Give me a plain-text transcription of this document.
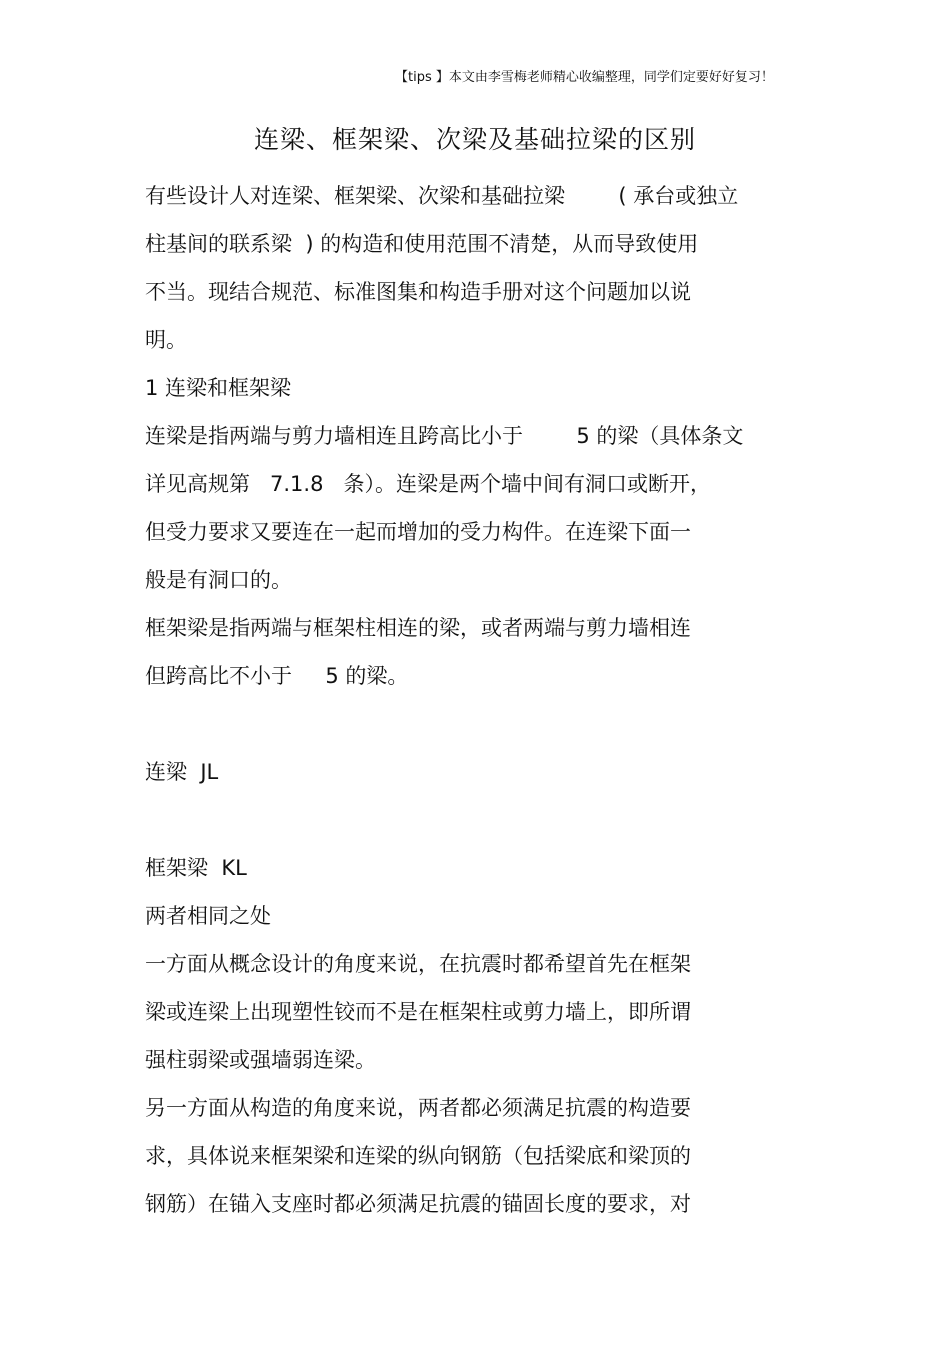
【tips 】本文由李雪梅老师精心收编整理，同学们定要好好复习！
连梁、框架梁、次梁及基础拉梁的区别

有些设计人对连梁、框架梁、次梁和基础拉梁        ( 承台或独立

柱基间的联系梁  ) 的构造和使用范围不清楚，从而导致使用

不当。现结合规范、标准图集和构造手册对这个问题加以说

明。

1 连梁和框架梁

连梁是指两端与剪力墙相连且跨高比小于        5 的梁（具体条文

详见高规第   7.1.8   条）。连梁是两个墙中间有洞口或断开，

但受力要求又要连在一起而增加的受力构件。在连梁下面一

般是有洞口的。

框架梁是指两端与框架柱相连的梁，或者两端与剪力墙相连

但跨高比不小于     5 的梁。

连梁  JL

框架梁  KL

两者相同之处

一方面从概念设计的角度来说，在抗震时都希望首先在框架

梁或连梁上出现塑性铰而不是在框架柱或剪力墙上，即所谓

强柱弱梁或强墙弱连梁。

另一方面从构造的角度来说，两者都必须满足抗震的构造要

求，具体说来框架梁和连梁的纵向钢筋（包括梁底和梁顶的

钢筋）在锚入支座时都必须满足抗震的锚固长度的要求，对
